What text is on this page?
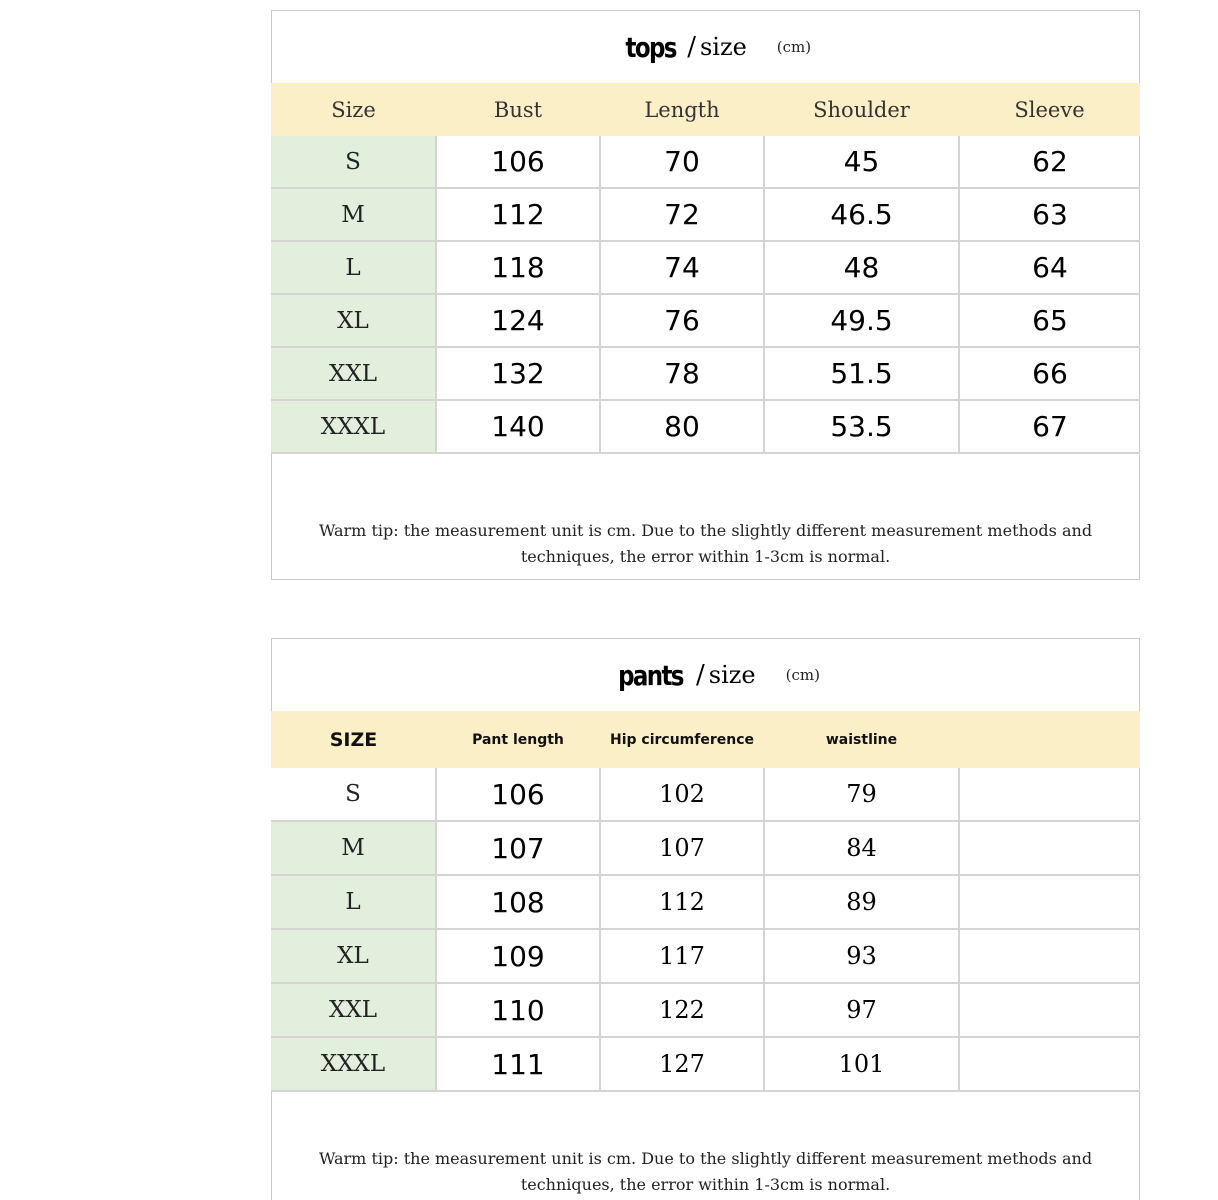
tops / size (cm)
Size	Bust	Length	Shoulder	Sleeve
S	106	70	45	62
M	112	72	46.5	63
L	118	74	48	64
XL	124	76	49.5	65
XXL	132	78	51.5	66
XXXL	140	80	53.5	67
Warm tip: the measurement unit is cm. Due to the slightly different measurement methods and techniques, the error within 1-3cm is normal.
pants / size (cm)
SIZE	Pant length	Hip circumference	waistline	
S	106	102	79	
M	107	107	84	
L	108	112	89	
XL	109	117	93	
XXL	110	122	97	
XXXL	111	127	101	
Warm tip: the measurement unit is cm. Due to the slightly different measurement methods and techniques, the error within 1-3cm is normal.
